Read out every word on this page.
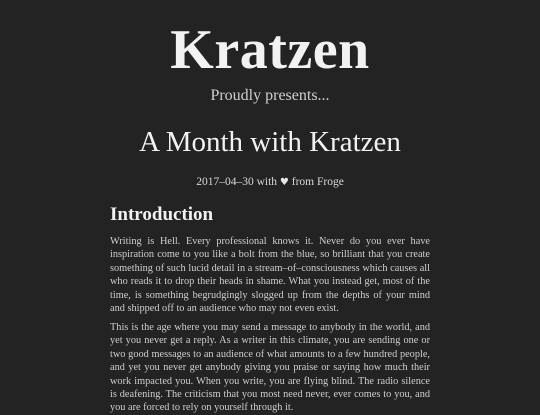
Kratzen
Proudly presents...
A Month with Kratzen
2017–04–30 with ♥ from Froge
Introduction

Writing is Hell. Every professional knows it. Never do you ever have inspiration come to you like a bolt from the blue, so brilliant that you create something of such lucid detail in a stream–of–consciousness which causes all who reads it to drop their heads in shame. What you instead get, most of the time, is something begrudgingly slogged up from the depths of your mind and shipped off to an audience who may not even exist.

This is the age where you may send a message to anybody in the world, and yet you never get a reply. As a writer in this climate, you are sending one or two good messages to an audience of what amounts to a few hundred people, and yet you never get anybody giving you praise or saying how much their work impacted you. When you write, you are flying blind. The radio silence is deafening. The criticism that you most need never, ever comes to you, and you are forced to rely on yourself through it.
